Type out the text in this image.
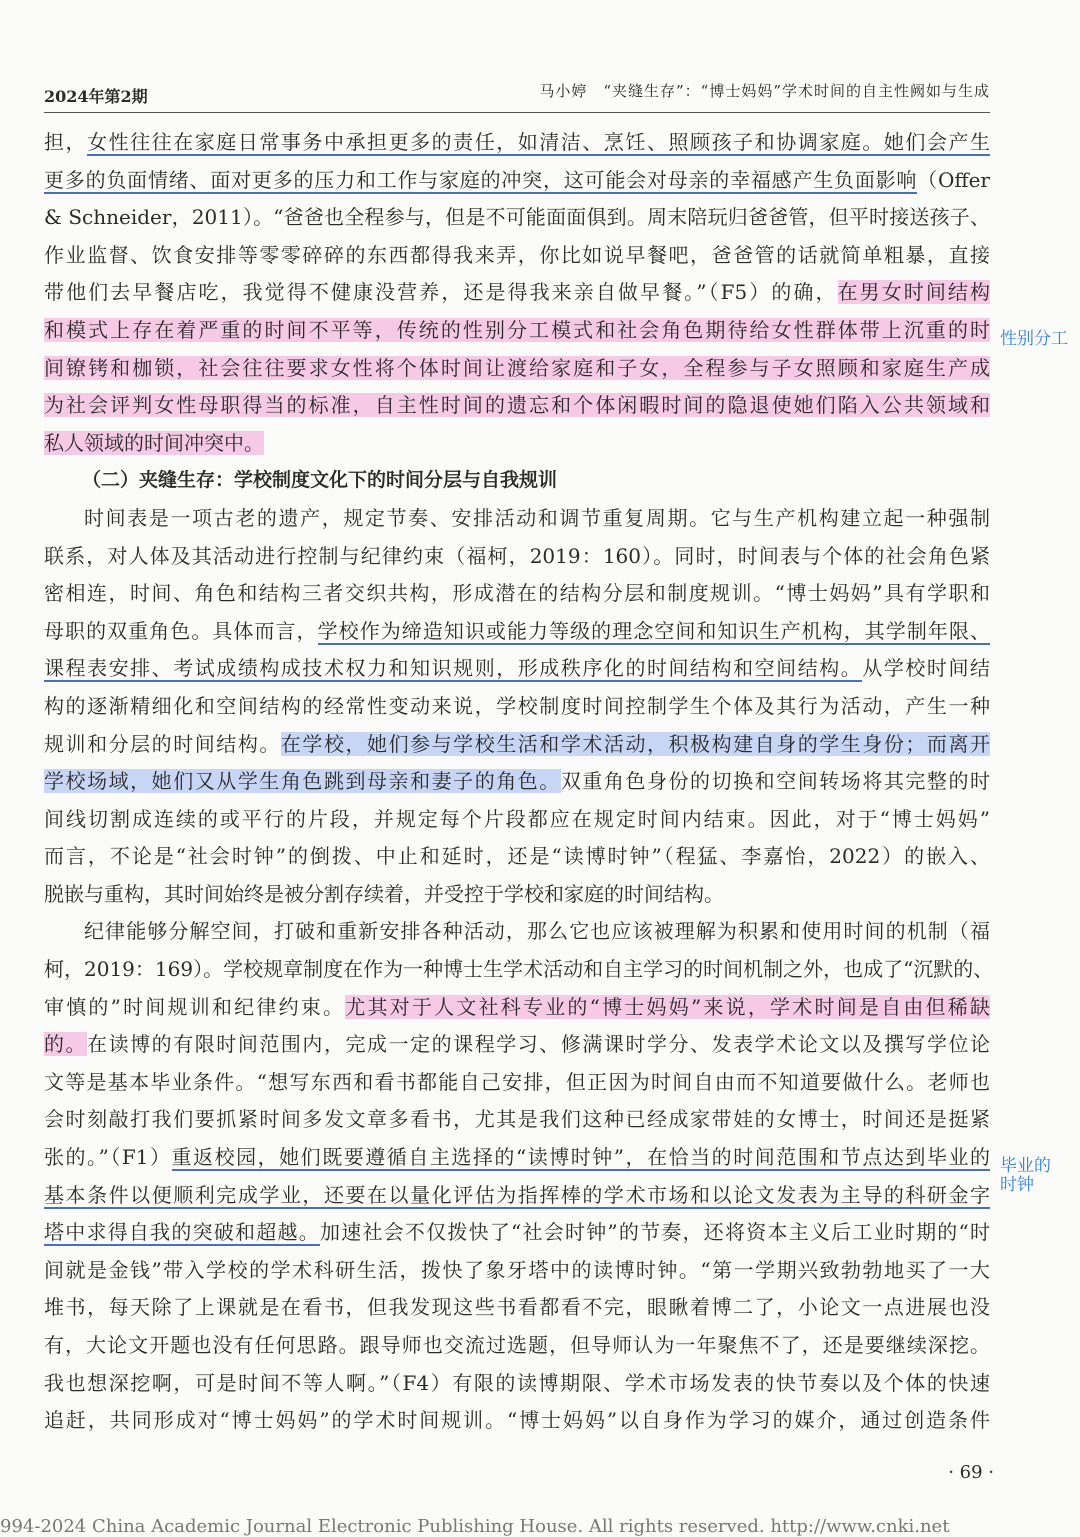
2024年第2期	马小婷　“夹缝生存”：“博士妈妈”学术时间的自主性阙如与生成
担，女性往往在家庭日常事务中承担更多的责任，如清洁、烹饪、照顾孩子和协调家庭。她们会产生
更多的负面情绪、面对更多的压力和工作与家庭的冲突，这可能会对母亲的幸福感产生负面影响（Offer
& Schneider，2011）。“爸爸也全程参与，但是不可能面面俱到。周末陪玩归爸爸管，但平时接送孩子、
作业监督、饮食安排等零零碎碎的东西都得我来弄，你比如说早餐吧，爸爸管的话就简单粗暴，直接
带他们去早餐店吃，我觉得不健康没营养，还是得我来亲自做早餐。”（F5）的确，在男女时间结构
和模式上存在着严重的时间不平等，传统的性别分工模式和社会角色期待给女性群体带上沉重的时
间镣铐和枷锁，社会往往要求女性将个体时间让渡给家庭和子女，全程参与子女照顾和家庭生产成
为社会评判女性母职得当的标准，自主性时间的遗忘和个体闲暇时间的隐退使她们陷入公共领域和
私人领域的时间冲突中。
（二）夹缝生存：学校制度文化下的时间分层与自我规训
时间表是一项古老的遗产，规定节奏、安排活动和调节重复周期。它与生产机构建立起一种强制
联系，对人体及其活动进行控制与纪律约束（福柯，2019：160）。同时，时间表与个体的社会角色紧
密相连，时间、角色和结构三者交织共构，形成潜在的结构分层和制度规训。“博士妈妈”具有学职和
母职的双重角色。具体而言，学校作为缔造知识或能力等级的理念空间和知识生产机构，其学制年限、
课程表安排、考试成绩构成技术权力和知识规则，形成秩序化的时间结构和空间结构。从学校时间结
构的逐渐精细化和空间结构的经常性变动来说，学校制度时间控制学生个体及其行为活动，产生一种
规训和分层的时间结构。在学校，她们参与学校生活和学术活动，积极构建自身的学生身份；而离开
学校场域，她们又从学生角色跳到母亲和妻子的角色。双重角色身份的切换和空间转场将其完整的时
间线切割成连续的或平行的片段，并规定每个片段都应在规定时间内结束。因此，对于“博士妈妈”
而言，不论是“社会时钟”的倒拨、中止和延时，还是“读博时钟”（程猛、李嘉怡，2022）的嵌入、
脱嵌与重构，其时间始终是被分割存续着，并受控于学校和家庭的时间结构。
纪律能够分解空间，打破和重新安排各种活动，那么它也应该被理解为积累和使用时间的机制（福
柯，2019：169）。学校规章制度在作为一种博士生学术活动和自主学习的时间机制之外，也成了“沉默的、
审慎的”时间规训和纪律约束。尤其对于人文社科专业的“博士妈妈”来说，学术时间是自由但稀缺
的。在读博的有限时间范围内，完成一定的课程学习、修满课时学分、发表学术论文以及撰写学位论
文等是基本毕业条件。“想写东西和看书都能自己安排，但正因为时间自由而不知道要做什么。老师也
会时刻敲打我们要抓紧时间多发文章多看书，尤其是我们这种已经成家带娃的女博士，时间还是挺紧
张的。”（F1）重返校园，她们既要遵循自主选择的“读博时钟”，在恰当的时间范围和节点达到毕业的
基本条件以便顺利完成学业，还要在以量化评估为指挥棒的学术市场和以论文发表为主导的科研金字
塔中求得自我的突破和超越。加速社会不仅拨快了“社会时钟”的节奏，还将资本主义后工业时期的“时
间就是金钱”带入学校的学术科研生活，拨快了象牙塔中的读博时钟。“第一学期兴致勃勃地买了一大
堆书，每天除了上课就是在看书，但我发现这些书看都看不完，眼瞅着博二了，小论文一点进展也没
有，大论文开题也没有任何思路。跟导师也交流过选题，但导师认为一年聚焦不了，还是要继续深挖。
我也想深挖啊，可是时间不等人啊。”（F4）有限的读博期限、学术市场发表的快节奏以及个体的快速
追赶，共同形成对“博士妈妈”的学术时间规训。“博士妈妈”以自身作为学习的媒介，通过创造条件
性别分工
毕业的时钟
· 69 ·
994-2024 China Academic Journal Electronic Publishing House. All rights reserved. http://www.cnki.net
